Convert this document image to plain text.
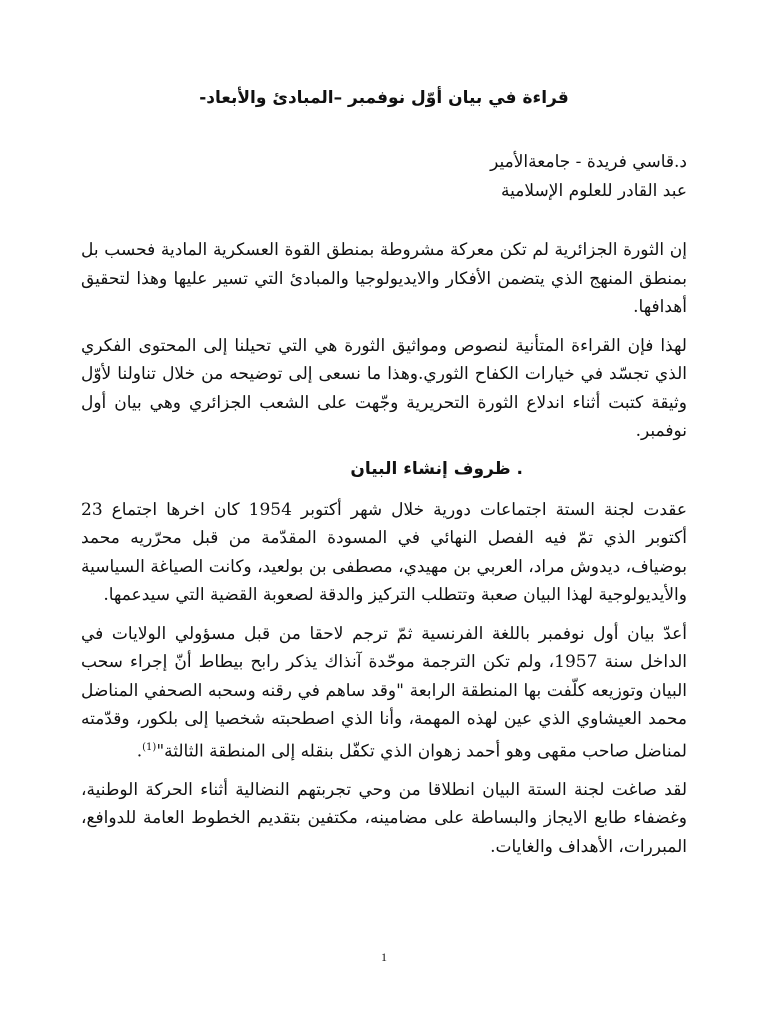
قراءة في بيان أوّل نوفمبر –المبادئ والأبعاد-
د.قاسي فريدة - جامعةالأمير
عبد القادر للعلوم الإسلامية

إن الثورة الجزائرية لم تكن معركة مشروطة بمنطق القوة العسكرية المادية فحسب بل بمنطق المنهج الذي يتضمن الأفكار والايديولوجيا والمبادئ التي تسير عليها وهذا لتحقيق أهدافها.

لهذا فإن القراءة المتأنية لنصوص ومواثيق الثورة هي التي تحيلنا إلى المحتوى الفكري الذي تجسّد في خيارات الكفاح الثوري.وهذا ما نسعى إلى توضيحه من خلال تناولنا لأوّل وثيقة كتبت أثناء اندلاع الثورة التحريرية وجّهت على الشعب الجزائري وهي بيان أول نوفمبر.

. ظروف إنشاء البيان

عقدت لجنة الستة اجتماعات دورية خلال شهر أكتوبر 1954 كان اخرها اجتماع 23 أكتوبر الذي تمّ فيه الفصل النهائي في المسودة المقدّمة من قبل محرّريه محمد بوضياف، ديدوش مراد، العربي بن مهيدي، مصطفى بن بولعيد، وكانت الصياغة السياسية والأيديولوجية لهذا البيان صعبة وتتطلب التركيز والدقة لصعوبة القضية التي سيدعمها.

أعدّ بيان أول نوفمبر باللغة الفرنسية ثمّ ترجم لاحقا من قبل مسؤولي الولايات في الداخل سنة 1957، ولم تكن الترجمة موحّدة آنذاك يذكر رابح بيطاط أنّ إجراء سحب البيان وتوزيعه كلّفت بها المنطقة الرابعة "وقد ساهم في رقنه وسحبه الصحفي المناضل محمد العيشاوي الذي عين لهذه المهمة، وأنا الذي اصطحبته شخصيا إلى بلكور، وقدّمته لمناضل صاحب مقهى وهو أحمد زهوان الذي تكفّل بنقله إلى المنطقة الثالثة"$^{(1)}$.

لقد صاغت لجنة الستة البيان انطلاقا من وحي تجربتهم النضالية أثناء الحركة الوطنية، وغضفاء طابع الايجاز والبساطة على مضامينه، مكتفين بتقديم الخطوط العامة للدوافع، المبررات، الأهداف والغايات.

1
